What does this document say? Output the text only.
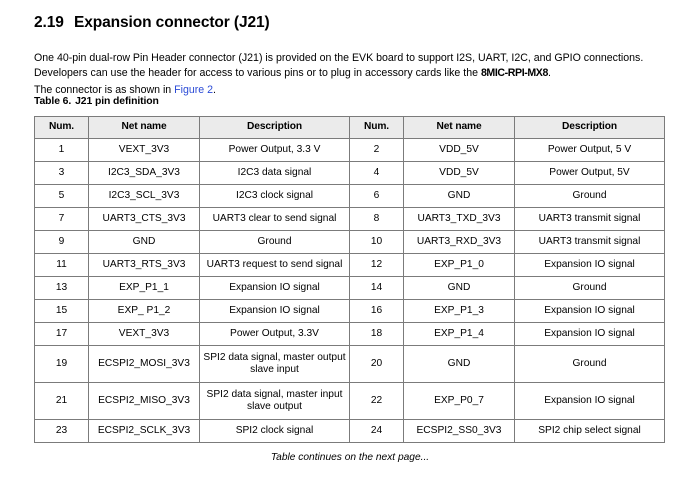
2.19 Expansion connector (J21)

One 40-pin dual-row Pin Header connector (J21) is provided on the EVK board to support I2S, UART, I2C, and GPIO connections. Developers can use the header for access to various pins or to plug in accessory cards like the 8MIC-RPI-MX8.

The connector is as shown in Figure 2.

Table 6. J21 pin definition
Num.	Net name	Description	Num.	Net name	Description
1	VEXT_3V3	Power Output, 3.3 V	2	VDD_5V	Power Output, 5 V
3	I2C3_SDA_3V3	I2C3 data signal	4	VDD_5V	Power Output, 5V
5	I2C3_SCL_3V3	I2C3 clock signal	6	GND	Ground
7	UART3_CTS_3V3	UART3 clear to send signal	8	UART3_TXD_3V3	UART3 transmit signal
9	GND	Ground	10	UART3_RXD_3V3	UART3 transmit signal
11	UART3_RTS_3V3	UART3 request to send signal	12	EXP_P1_0	Expansion IO signal
13	EXP_P1_1	Expansion IO signal	14	GND	Ground
15	EXP_ P1_2	Expansion IO signal	16	EXP_P1_3	Expansion IO signal
17	VEXT_3V3	Power Output, 3.3V	18	EXP_P1_4	Expansion IO signal
19	ECSPI2_MOSI_3V3	SPI2 data signal, master output slave input	20	GND	Ground
21	ECSPI2_MISO_3V3	SPI2 data signal, master input slave output	22	EXP_P0_7	Expansion IO signal
23	ECSPI2_SCLK_3V3	SPI2 clock signal	24	ECSPI2_SS0_3V3	SPI2 chip select signal
Table continues on the next page...
